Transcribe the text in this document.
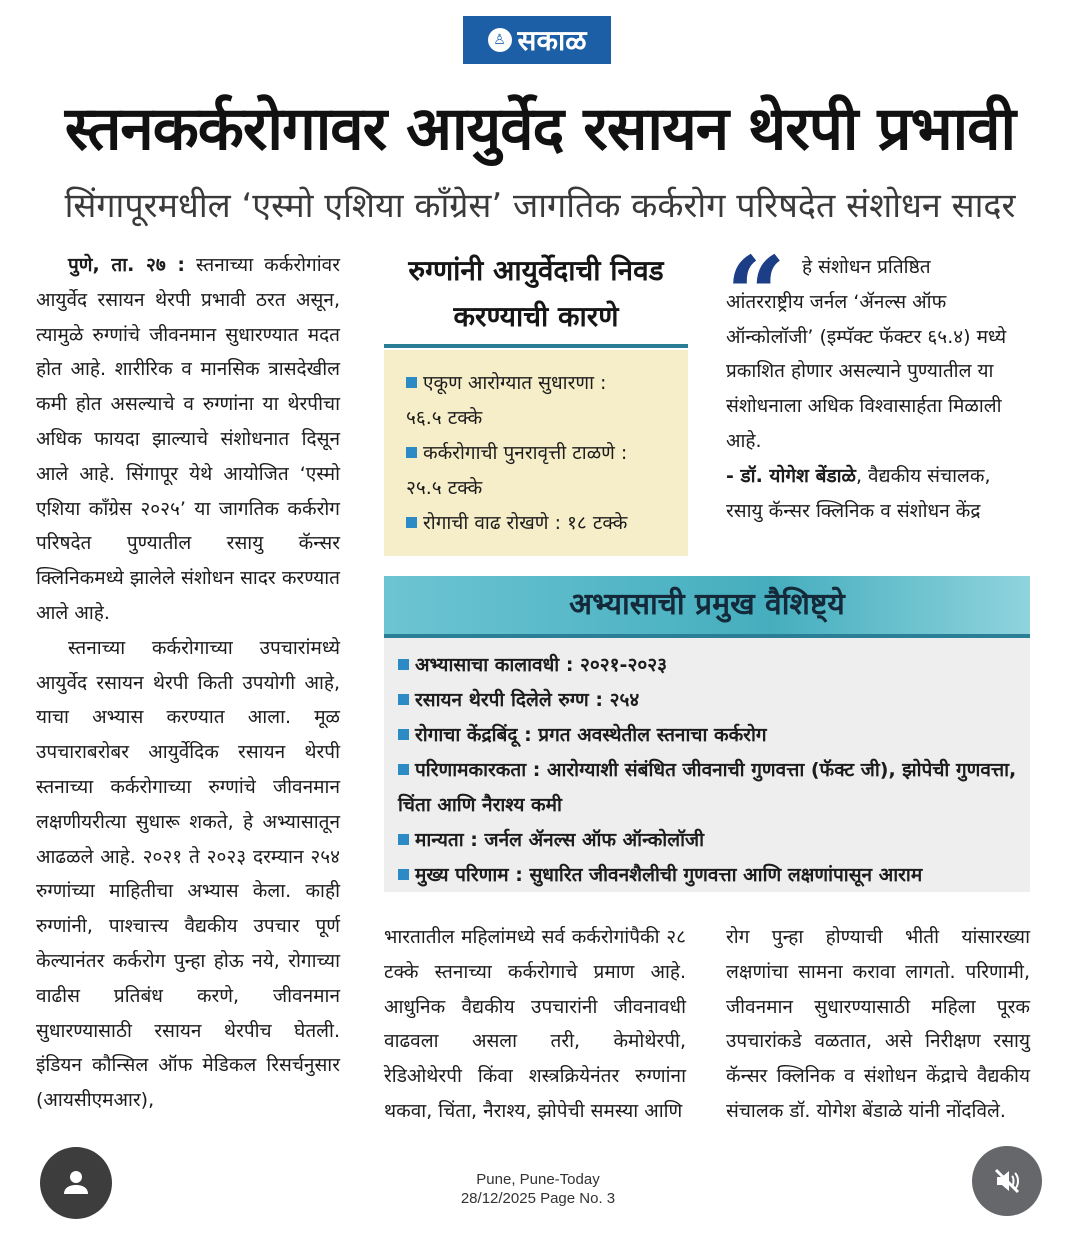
♙ सकाळ
स्तनकर्करोगावर आयुर्वेद रसायन थेरपी प्रभावी
सिंगापूरमधील ‘एस्मो एशिया काँग्रेस’ जागतिक कर्करोग परिषदेत संशोधन सादर

पुणे, ता. २७ : स्तनाच्या कर्करोगांवर आयुर्वेद रसायन थेरपी प्रभावी ठरत असून, त्यामुळे रुग्णांचे जीवनमान सुधारण्यात मदत होत आहे. शारीरिक व मानसिक त्रासदेखील कमी होत असल्याचे व रुग्णांना या थेरपीचा अधिक फायदा झाल्याचे संशोधनात दिसून आले आहे. सिंगापूर येथे आयोजित ‘एस्मो एशिया काँग्रेस २०२५’ या जागतिक कर्करोग परिषदेत पुण्यातील रसायु कॅन्सर क्लिनिकमध्ये झालेले संशोधन सादर करण्यात आले आहे.

स्तनाच्या कर्करोगाच्या उपचारांमध्ये आयुर्वेद रसायन थेरपी किती उपयोगी आहे, याचा अभ्यास करण्यात आला. मूळ उपचाराबरोबर आयुर्वेदिक रसायन थेरपी स्तनाच्या कर्करोगाच्या रुग्णांचे जीवनमान लक्षणीयरीत्या सुधारू शकते, हे अभ्यासातून आढळले आहे. २०२१ ते २०२३ दरम्यान २५४ रुग्णांच्या माहितीचा अभ्यास केला. काही रुग्णांनी, पाश्चात्त्य वैद्यकीय उपचार पूर्ण केल्यानंतर कर्करोग पुन्हा होऊ नये, रोगाच्या वाढीस प्रतिबंध करणे, जीवनमान सुधारण्यासाठी रसायन थेरपीच घेतली. इंडियन कौन्सिल ऑफ मेडिकल रिसर्चनुसार (आयसीएमआर),

रुग्णांनी आयुर्वेदाची निवड करण्याची कारणे
एकूण आरोग्यात सुधारणा :
५६.५ टक्के
कर्करोगाची पुनरावृत्ती टाळणे :
२५.५ टक्के
रोगाची वाढ रोखणे : १८ टक्के
“	हे संशोधन प्रतिष्ठित
आंतरराष्ट्रीय जर्नल ‘ॲनल्स ऑफ ऑन्कोलॉजी’ (इम्पॅक्ट फॅक्टर ६५.४) मध्ये प्रकाशित होणार असल्याने पुण्यातील या संशोधनाला अधिक विश्वासार्हता मिळाली आहे.
- डॉ. योगेश बेंडाळे, वैद्यकीय संचालक, रसायु कॅन्सर क्लिनिक व संशोधन केंद्र
अभ्यासाची प्रमुख वैशिष्ट्ये
अभ्यासाचा कालावधी : २०२१-२०२३
रसायन थेरपी दिलेले रुग्ण : २५४
रोगाचा केंद्रबिंदू : प्रगत अवस्थेतील स्तनाचा कर्करोग
परिणामकारकता : आरोग्याशी संबंधित जीवनाची गुणवत्ता (फॅक्ट जी), झोपेची गुणवत्ता, चिंता आणि नैराश्य कमी
मान्यता : जर्नल ॲनल्स ऑफ ऑन्कोलॉजी
मुख्य परिणाम : सुधारित जीवनशैलीची गुणवत्ता आणि लक्षणांपासून आराम

भारतातील महिलांमध्ये सर्व कर्करोगांपैकी २८ टक्के स्तनाच्या कर्करोगाचे प्रमाण आहे. आधुनिक वैद्यकीय उपचारांनी जीवनावधी वाढवला असला तरी, केमोथेरपी, रेडिओथेरपी किंवा शस्त्रक्रियेनंतर रुग्णांना थकवा, चिंता, नैराश्य, झोपेची समस्या आणि

रोग पुन्हा होण्याची भीती यांसारख्या लक्षणांचा सामना करावा लागतो. परिणामी, जीवनमान सुधारण्यासाठी महिला पूरक उपचारांकडे वळतात, असे निरीक्षण रसायु कॅन्सर क्लिनिक व संशोधन केंद्राचे वैद्यकीय संचालक डॉ. योगेश बेंडाळे यांनी नोंदविले.

Pune, Pune-Today
28/12/2025 Page No. 3
